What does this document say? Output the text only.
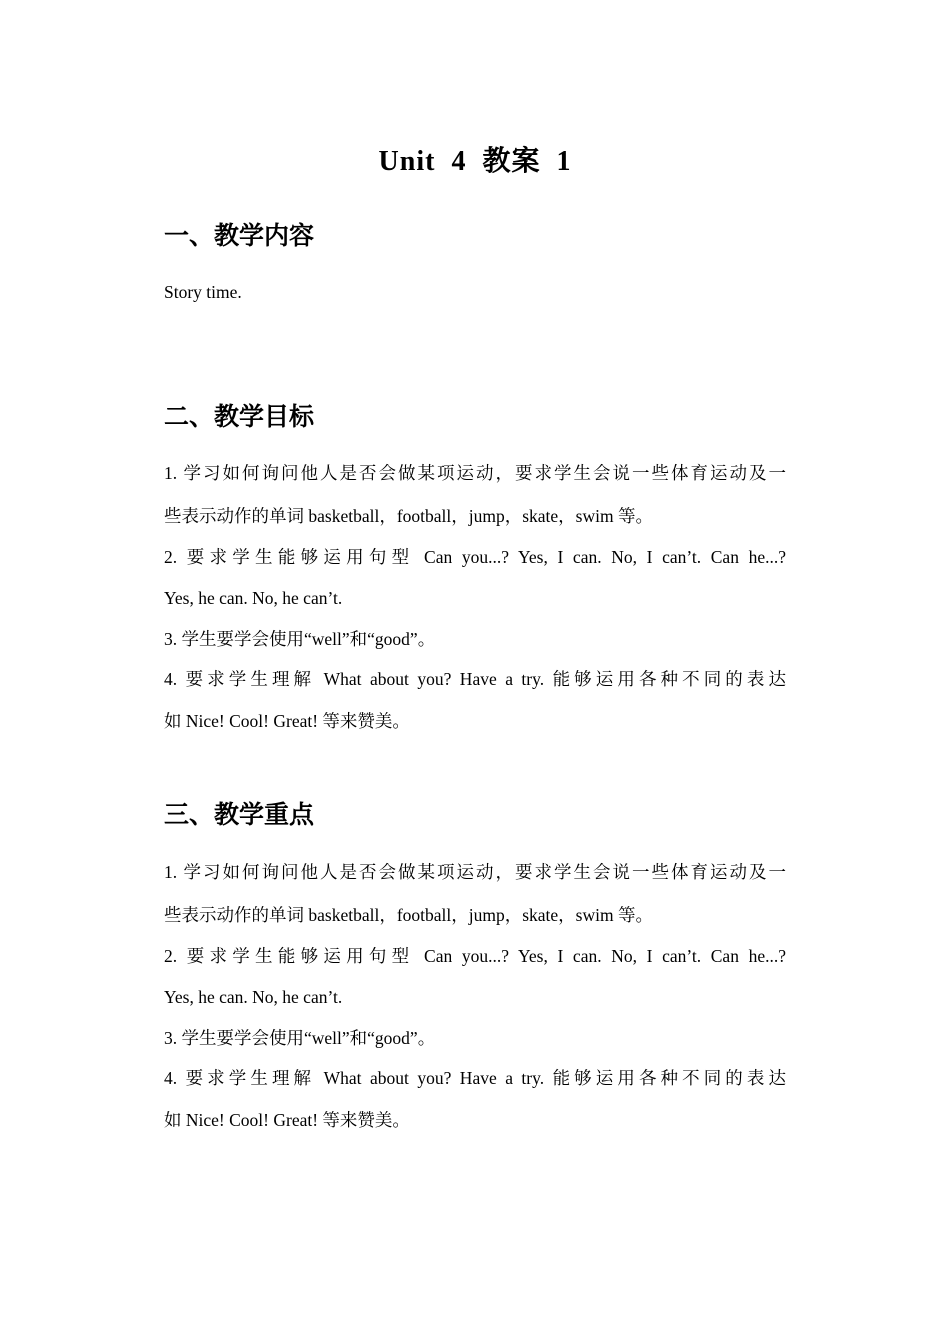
Unit  4  教案  1
一、教学内容
Story time.
二、教学目标
1. 学习如何询问他人是否会做某项运动，要求学生会说一些体育运动及一
些表示动作的单词 basketball，football，jump，skate，swim 等。
2. 要求学生能够运用句型 Can you...? Yes, I can. No, I can’t. Can he...?
Yes, he can. No, he can’t.
3. 学生要学会使用“well”和“good”。
4. 要求学生理解 What about you? Have a try. 能够运用各种不同的表达
如 Nice! Cool! Great! 等来赞美。
三、教学重点
1. 学习如何询问他人是否会做某项运动，要求学生会说一些体育运动及一
些表示动作的单词 basketball，football，jump，skate，swim 等。
2. 要求学生能够运用句型 Can you...? Yes, I can. No, I can’t. Can he...?
Yes, he can. No, he can’t.
3. 学生要学会使用“well”和“good”。
4. 要求学生理解 What about you? Have a try. 能够运用各种不同的表达
如 Nice! Cool! Great! 等来赞美。
